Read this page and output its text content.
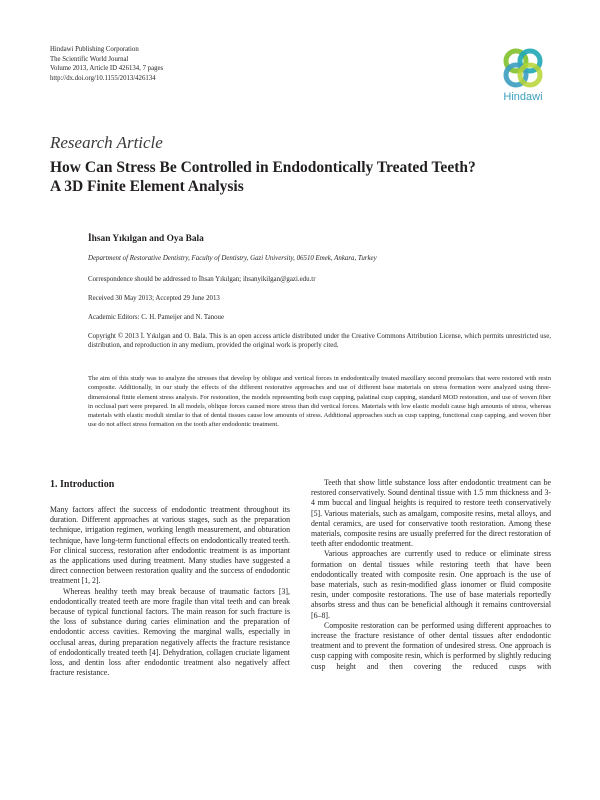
Hindawi Publishing Corporation
The Scientific World Journal
Volume 2013, Article ID 426134, 7 pages
http://dx.doi.org/10.1155/2013/426134
Hindawi
Research Article
How Can Stress Be Controlled in Endodontically Treated Teeth?
A 3D Finite Element Analysis
İhsan Yıkılgan and Oya Bala
Department of Restorative Dentistry, Faculty of Dentistry, Gazi University, 06510 Emek, Ankara, Turkey
Correspondence should be addressed to İhsan Yıkılgan; ihsanyikilgan@gazi.edu.tr
Received 30 May 2013; Accepted 29 June 2013
Academic Editors: C. H. Pameijer and N. Tanoue
Copyright © 2013 İ. Yıkılgan and O. Bala. This is an open access article distributed under the Creative Commons Attribution License, which permits unrestricted use, distribution, and reproduction in any medium, provided the original work is properly cited.
The aim of this study was to analyze the stresses that develop by oblique and vertical forces in endodontically treated maxillary second premolars that were restored with resin composite. Additionally, in our study the effects of the different restorative approaches and use of different base materials on stress formation were analyzed using three-dimensional finite element stress analysis. For restoration, the models representing both cusp capping, palatinal cusp capping, standard MOD restoration, and use of woven fiber in occlusal part were prepared. In all models, oblique forces caused more stress than did vertical forces. Materials with low elastic moduli cause high amounts of stress, whereas materials with elastic moduli similar to that of dental tissues cause low amounts of stress. Additional approaches such as cusp capping, functional cusp capping, and woven fiber use do not affect stress formation on the tooth after endodontic treatment.
1. Introduction

Many factors affect the success of endodontic treatment throughout its duration. Different approaches at various stages, such as the preparation technique, irrigation regimen, working length measurement, and obturation technique, have long-term functional effects on endodontically treated teeth. For clinical success, restoration after endodontic treatment is as important as the applications used during treatment. Many studies have suggested a direct connection between restoration quality and the success of endodontic treatment [1, 2].

Whereas healthy teeth may break because of traumatic factors [3], endodontically treated teeth are more fragile than vital teeth and can break because of typical functional factors. The main reason for such fracture is the loss of substance during caries elimination and the preparation of endodontic access cavities. Removing the marginal walls, especially in occlusal areas, during preparation negatively affects the fracture resistance of endodontically treated teeth [4]. Dehydration, collagen cruciate ligament loss, and dentin loss after endodontic treatment also negatively affect fracture resistance.

Teeth that show little substance loss after endodontic treatment can be restored conservatively. Sound dentinal tissue with 1.5 mm thickness and 3-4 mm buccal and lingual heights is required to restore teeth conservatively [5]. Various materials, such as amalgam, composite resins, metal alloys, and dental ceramics, are used for conservative tooth restoration. Among these materials, composite resins are usually preferred for the direct restoration of teeth after endodontic treatment.

Various approaches are currently used to reduce or eliminate stress formation on dental tissues while restoring teeth that have been endodontically treated with composite resin. One approach is the use of base materials, such as resin-modified glass ionomer or fluid composite resin, under composite restorations. The use of base materials reportedly absorbs stress and thus can be beneficial although it remains controversial [6–8].

Composite restoration can be performed using different approaches to increase the fracture resistance of other dental tissues after endodontic treatment and to prevent the formation of undesired stress. One approach is cusp capping with composite resin, which is performed by slightly reducing cusp height and then covering the reduced cusps with
